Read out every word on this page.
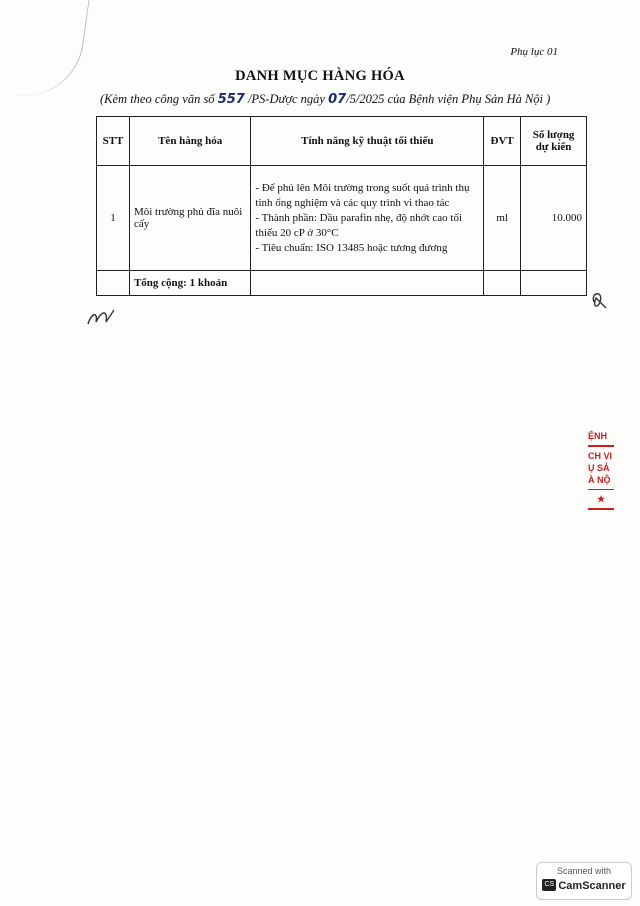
Phụ lục 01
DANH MỤC HÀNG HÓA
(Kèm theo công văn số 557 /PS-Dược ngày 07/5/2025 của Bệnh viện Phụ Sản Hà Nội )
STT	Tên hàng hóa	Tính năng kỹ thuật tối thiểu	ĐVT	Số lượng dự kiến
1	Môi trường phủ đĩa nuôi cấy	- Để phủ lên Môi trường trong suốt quá trình thụ tinh ống nghiệm và các quy trình vi thao tác
- Thành phần: Dầu parafin nhẹ, độ nhớt cao tối thiểu 20 cP ở 30°C
- Tiêu chuẩn: ISO 13485 hoặc tương đương	ml	10.000
	Tổng cộng: 1 khoản			
ỆNH
CH VI
Ụ SẢ
À NỘ
★
Scanned with
CS CamScanner
